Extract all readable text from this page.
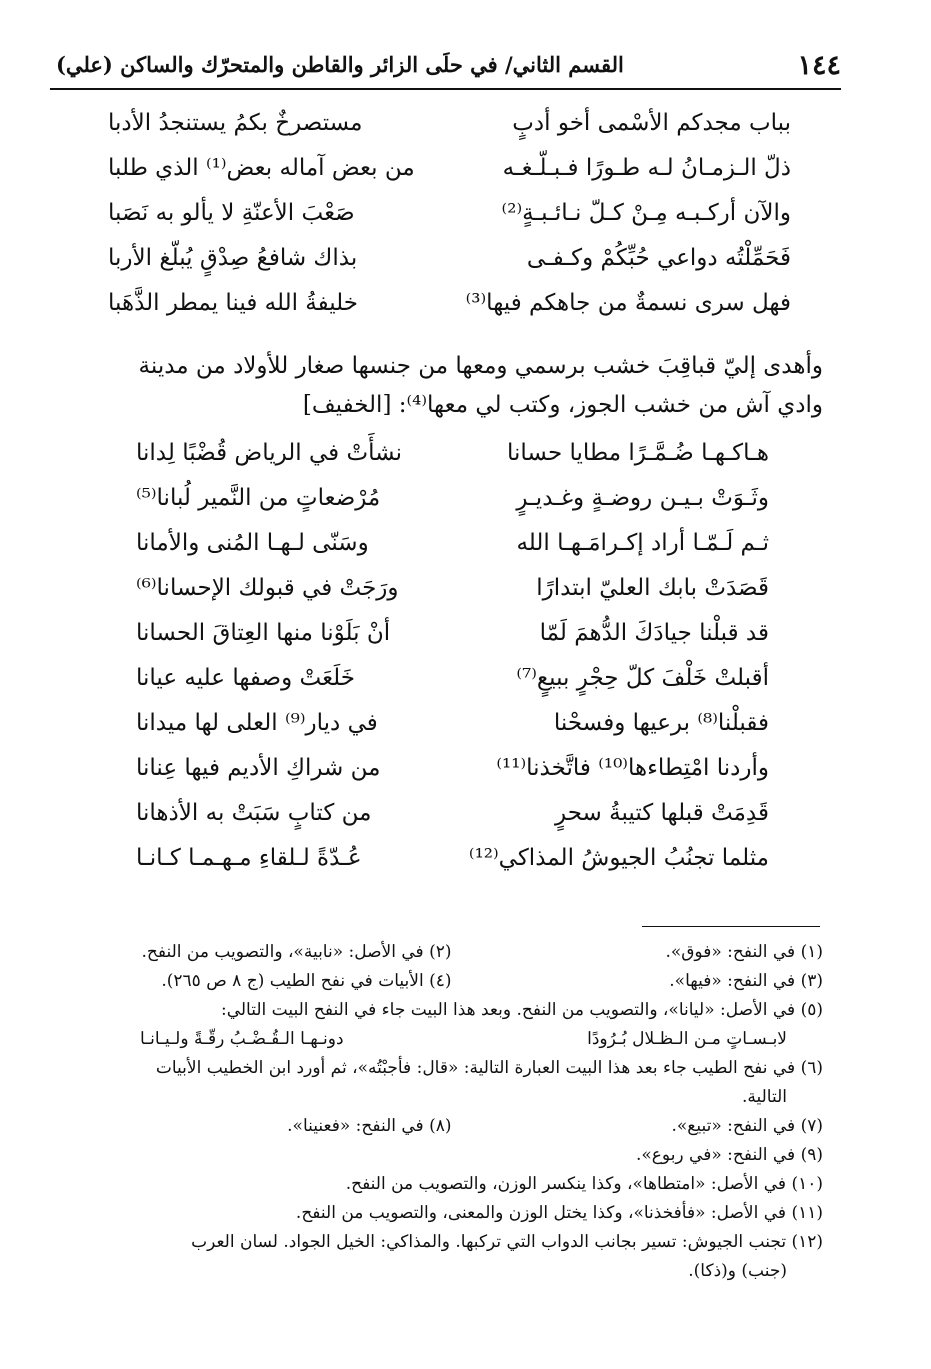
١٤٤
القسم الثاني/ في حلَى الزائر والقاطن والمتحرّك والساكن (علي)
بباب مجدكم الأسْمى أخو أدبٍ
مستصرخٌ بكمُ يستنجدُ الأدبا
ذلّ الـزمـانُ لـه طـورًا فـبـلّـغـه
من بعض آماله بعض⁽¹⁾ الذي طلبا
والآن أركـبـه مِـنْ كـلّ نـائـبـةٍ⁽²⁾
صَعْبَ الأعنّةِ لا يألو به نَصَبا
فَحَمِّلْتُه دواعي حُبِّكُمْ وكـفـى
بذاك شافعُ صِدْقٍ يُبلّغ الأربا
فهل سرى نسمةٌ من جاهكم فيها⁽³⁾
خليفةُ الله فينا يمطر الذَّهَبا

وأهدى إليّ قباقِبَ خشب برسمي ومعها من جنسها صغار للأولاد من مدينة

وادي آش من خشب الجوز، وكتب لي معها⁽⁴⁾: [الخفيف]

هـاكـهـا ضُـمَّـرًا مطايا حسانا
نشأَتْ في الرياض قُضْبًا لِدانا
وثَـوَتْ بـيـن روضـةٍ وغـديـرٍ
مُرْضعاتٍ من النَّمير لُبانا⁽⁵⁾
ثـم لَـمّـا أراد إكـرامَـهـا الله
وسَنّى لـهـا المُنى والأمانا
قَصَدَتْ بابك العليّ ابتدارًا
ورَجَتْ في قبولك الإحسانا⁽⁶⁾
قد قبلْنا جيادَكَ الدُّهمَ لَمّا
أنْ بَلَوْنا منها العِتاقَ الحسانا
أقبلتْ خَلْفَ كلّ حِجْرٍ ببيعٍ⁽⁷⁾
خَلَعَتْ وصفها عليه عيانا
فقبلْنا⁽⁸⁾ برعيها وفسحْنا
في ديار⁽⁹⁾ العلى لها ميدانا
وأردنا امْتِطاءها⁽¹⁰⁾ فاتَّخذنا⁽¹¹⁾
من شراكِ الأديم فيها عِنانا
قَدِمَتْ قبلها كتيبةُ سحرٍ
من كتابٍ سَبَتْ به الأذهانا
مثلما تجنُبُ الجيوشُ المذاكي⁽¹²⁾
عُـدّةً لـلقاءِ مـهـمـا كـانـا
(١) في النفح: «فوق».
(٢) في الأصل: «نابية»، والتصويب من النفح.
(٣) في النفح: «فيها».
(٤) الأبيات في نفح الطيب (ج ٨ ص ٢٦٥).
(٥) في الأصل: «ليانا»، والتصويب من النفح. وبعد هذا البيت جاء في النفح البيت التالي:
لابـسـاتٍ مـن الـظـلال بُـرُودًا
دونـهـا الـقُـضْـبُ رقّـةً ولـيـانـا
(٦) في نفح الطيب جاء بعد هذا البيت العبارة التالية: «قال: فأجبْتُه»، ثم أورد ابن الخطيب الأبيات
التالية.
(٧) في النفح: «تبيع».
(٨) في النفح: «فعنينا».
(٩) في النفح: «في ربوع».
(١٠) في الأصل: «امتطاها»، وكذا ينكسر الوزن، والتصويب من النفح.
(١١) في الأصل: «فأفخذنا»، وكذا يختل الوزن والمعنى، والتصويب من النفح.
(١٢) تجنب الجيوش: تسير بجانب الدواب التي تركبها. والمذاكي: الخيل الجواد. لسان العرب
(جنب) و(ذكا).
